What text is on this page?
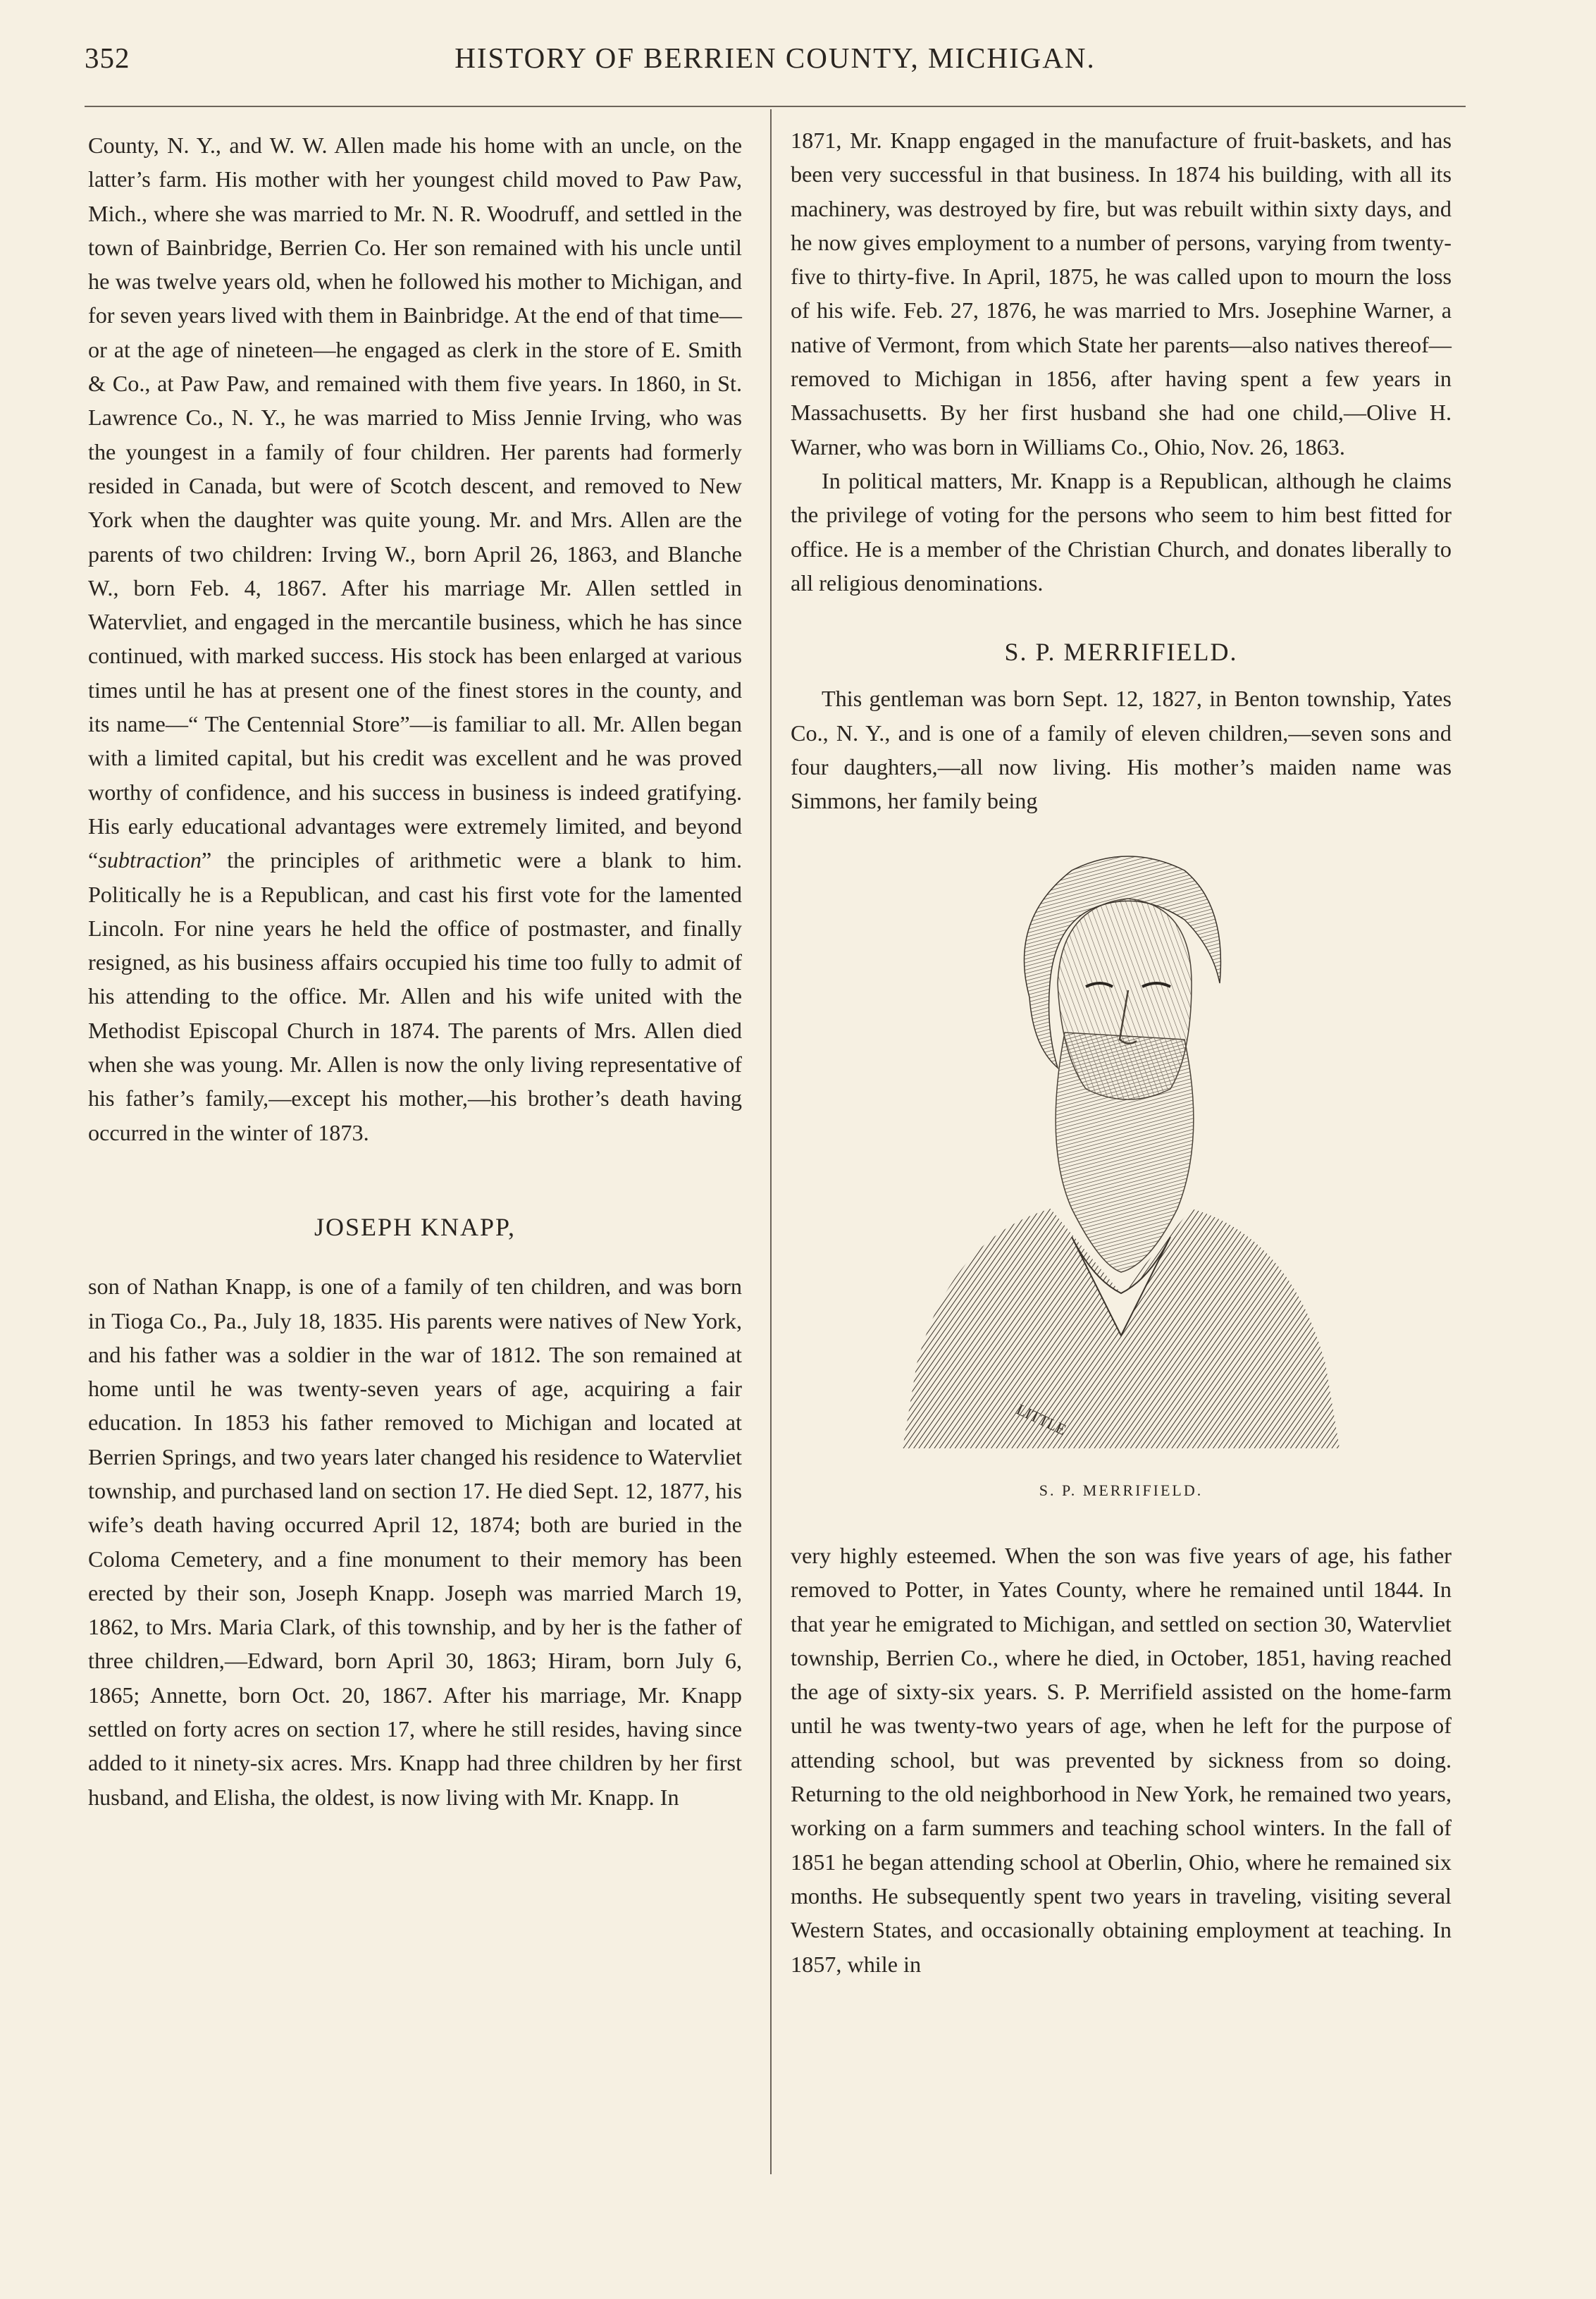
352	HISTORY OF BERRIEN COUNTY, MICHIGAN.

County, N. Y., and W. W. Allen made his home with an uncle, on the latter’s farm. His mother with her youngest child moved to Paw Paw, Mich., where she was married to Mr. N. R. Woodruff, and settled in the town of Bainbridge, Berrien Co. Her son remained with his uncle until he was twelve years old, when he followed his mother to Michigan, and for seven years lived with them in Bainbridge. At the end of that time—or at the age of nineteen—he engaged as clerk in the store of E. Smith & Co., at Paw Paw, and remained with them five years. In 1860, in St. Lawrence Co., N. Y., he was married to Miss Jennie Irving, who was the youngest in a family of four children. Her parents had formerly resided in Canada, but were of Scotch descent, and removed to New York when the daughter was quite young. Mr. and Mrs. Allen are the parents of two children: Irving W., born April 26, 1863, and Blanche W., born Feb. 4, 1867. After his marriage Mr. Allen settled in Watervliet, and engaged in the mercantile business, which he has since continued, with marked success. His stock has been enlarged at various times until he has at present one of the finest stores in the county, and its name—“ The Centennial Store”—is familiar to all. Mr. Allen began with a limited capital, but his credit was excellent and he was proved worthy of confidence, and his success in business is indeed gratifying. His early educational advantages were extremely limited, and beyond “subtraction” the principles of arithmetic were a blank to him. Politically he is a Republican, and cast his first vote for the lamented Lincoln. For nine years he held the office of postmaster, and finally resigned, as his business affairs occupied his time too fully to admit of his attending to the office. Mr. Allen and his wife united with the Methodist Episcopal Church in 1874. The parents of Mrs. Allen died when she was young. Mr. Allen is now the only living representative of his father’s family,—except his mother,—his brother’s death having occurred in the winter of 1873.

JOSEPH KNAPP,

son of Nathan Knapp, is one of a family of ten children, and was born in Tioga Co., Pa., July 18, 1835. His parents were natives of New York, and his father was a soldier in the war of 1812. The son remained at home until he was twenty-seven years of age, acquiring a fair education. In 1853 his father removed to Michigan and located at Berrien Springs, and two years later changed his residence to Watervliet township, and purchased land on section 17. He died Sept. 12, 1877, his wife’s death having occurred April 12, 1874; both are buried in the Coloma Cemetery, and a fine monument to their memory has been erected by their son, Joseph Knapp. Joseph was married March 19, 1862, to Mrs. Maria Clark, of this township, and by her is the father of three children,—Edward, born April 30, 1863; Hiram, born July 6, 1865; Annette, born Oct. 20, 1867. After his marriage, Mr. Knapp settled on forty acres on section 17, where he still resides, having since added to it ninety-six acres. Mrs. Knapp had three children by her first husband, and Elisha, the oldest, is now living with Mr. Knapp. In

1871, Mr. Knapp engaged in the manufacture of fruit-baskets, and has been very successful in that business. In 1874 his building, with all its machinery, was destroyed by fire, but was rebuilt within sixty days, and he now gives employment to a number of persons, varying from twenty-five to thirty-five. In April, 1875, he was called upon to mourn the loss of his wife. Feb. 27, 1876, he was married to Mrs. Josephine Warner, a native of Vermont, from which State her parents—also natives thereof—removed to Michigan in 1856, after having spent a few years in Massachusetts. By her first husband she had one child,—Olive H. Warner, who was born in Williams Co., Ohio, Nov. 26, 1863.

In political matters, Mr. Knapp is a Republican, although he claims the privilege of voting for the persons who seem to him best fitted for office. He is a member of the Christian Church, and donates liberally to all religious denominations.

S. P. MERRIFIELD.

This gentleman was born Sept. 12, 1827, in Benton township, Yates Co., N. Y., and is one of a family of eleven children,—seven sons and four daughters,—all now living. His mother’s maiden name was Simmons, her family being

LITTLE
S. P. MERRIFIELD.

very highly esteemed. When the son was five years of age, his father removed to Potter, in Yates County, where he remained until 1844. In that year he emigrated to Michigan, and settled on section 30, Watervliet township, Berrien Co., where he died, in October, 1851, having reached the age of sixty-six years. S. P. Merrifield assisted on the home-farm until he was twenty-two years of age, when he left for the purpose of attending school, but was prevented by sickness from so doing. Returning to the old neighborhood in New York, he remained two years, working on a farm summers and teaching school winters. In the fall of 1851 he began attending school at Oberlin, Ohio, where he remained six months. He subsequently spent two years in traveling, visiting several Western States, and occasionally obtaining employment at teaching. In 1857, while in
